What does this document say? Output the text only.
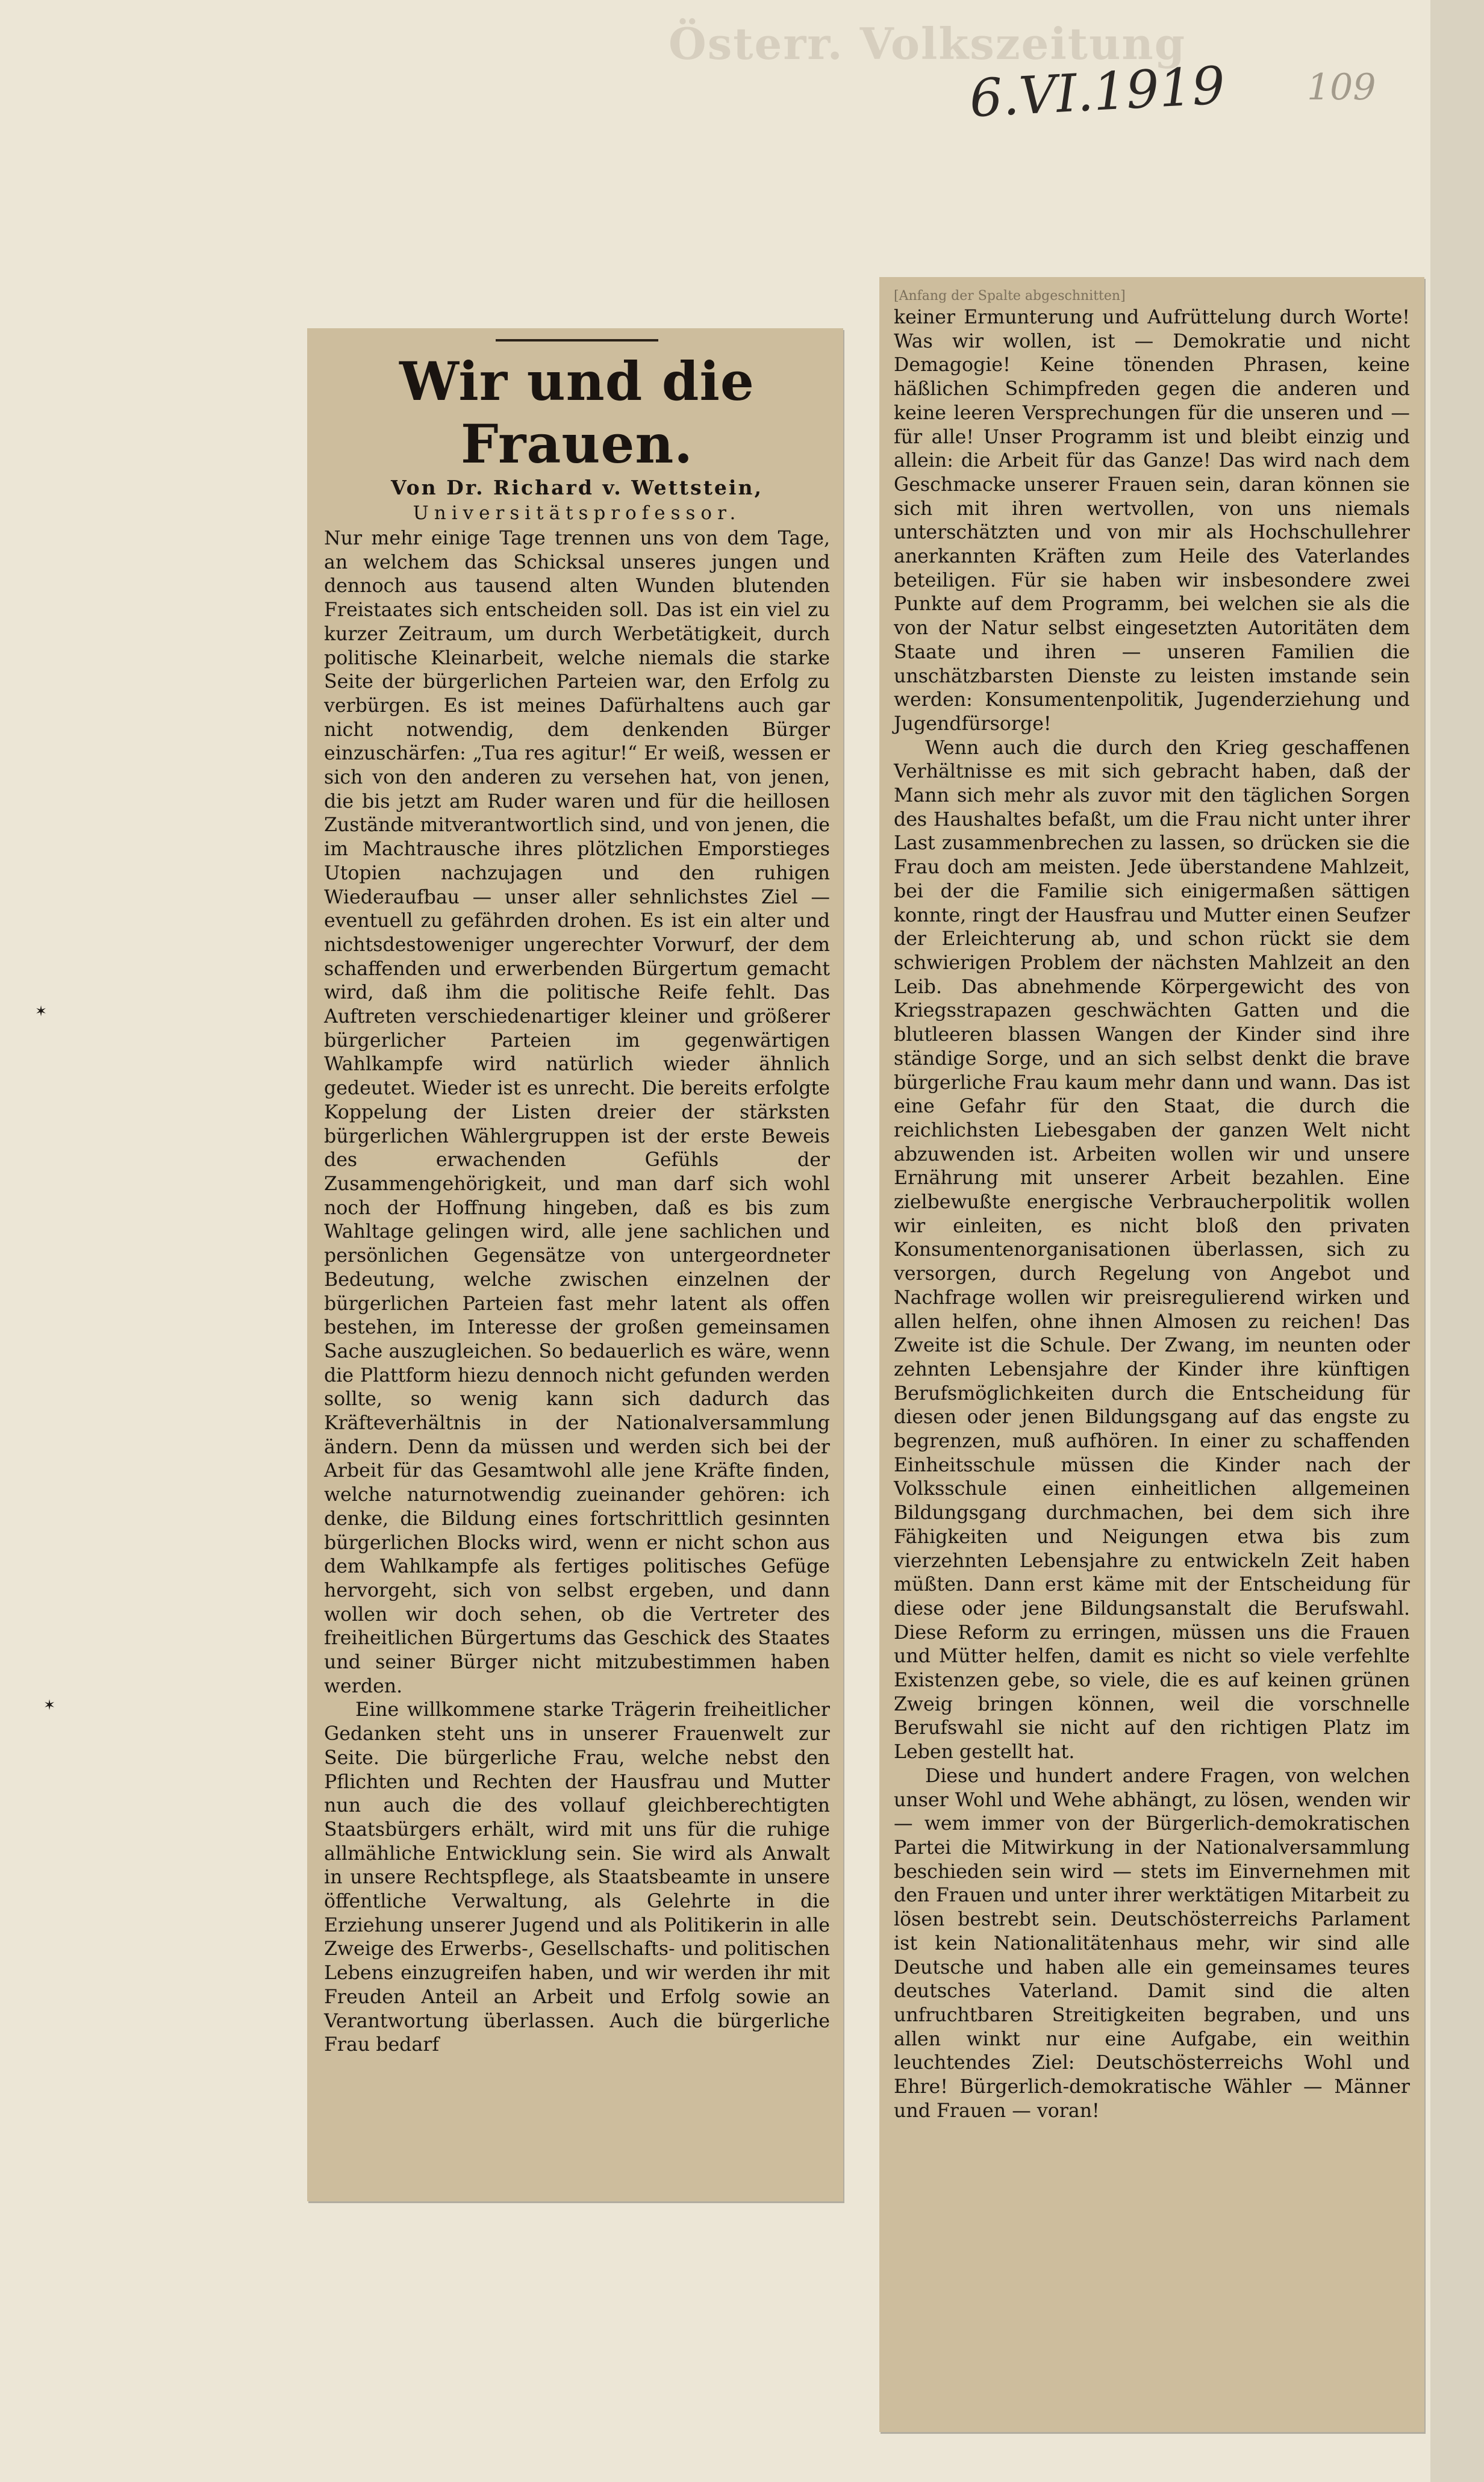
Österr. Volkszeitung
6.VI.1919 109
Wir und die Frauen.
Von Dr. Richard v. Wettstein,
Universitätsprofessor.

Nur mehr einige Tage trennen uns von dem Tage, an welchem das Schicksal unseres jungen und dennoch aus tausend alten Wunden blutenden Freistaates sich entscheiden soll. Das ist ein viel zu kurzer Zeitraum, um durch Werbetätigkeit, durch politische Kleinarbeit, welche niemals die starke Seite der bürgerlichen Parteien war, den Erfolg zu verbürgen. Es ist meines Dafürhaltens auch gar nicht notwendig, dem denkenden Bürger einzuschärfen: „Tua res agitur!“ Er weiß, wessen er sich von den anderen zu versehen hat, von jenen, die bis jetzt am Ruder waren und für die heillosen Zustände mitverantwortlich sind, und von jenen, die im Machtrausche ihres plötzlichen Emporstieges Utopien nachzujagen und den ruhigen Wiederaufbau — unser aller sehnlichstes Ziel — eventuell zu gefährden drohen. Es ist ein alter und nichtsdestoweniger ungerechter Vorwurf, der dem schaffenden und erwerbenden Bürgertum gemacht wird, daß ihm die politische Reife fehlt. Das Auftreten verschiedenartiger kleiner und größerer bürgerlicher Parteien im gegenwärtigen Wahlkampfe wird natürlich wieder ähnlich gedeutet. Wieder ist es unrecht. Die bereits erfolgte Koppelung der Listen dreier der stärksten bürgerlichen Wählergruppen ist der erste Beweis des erwachenden Gefühls der Zusammengehörigkeit, und man darf sich wohl noch der Hoffnung hingeben, daß es bis zum Wahltage gelingen wird, alle jene sachlichen und persönlichen Gegensätze von untergeordneter Bedeutung, welche zwischen einzelnen der bürgerlichen Parteien fast mehr latent als offen bestehen, im Interesse der großen gemeinsamen Sache auszugleichen. So bedauerlich es wäre, wenn die Plattform hiezu dennoch nicht gefunden werden sollte, so wenig kann sich dadurch das Kräfteverhältnis in der Nationalversammlung ändern. Denn da müssen und werden sich bei der Arbeit für das Gesamtwohl alle jene Kräfte finden, welche naturnotwendig zueinander gehören: ich denke, die Bildung eines fortschrittlich gesinnten bürgerlichen Blocks wird, wenn er nicht schon aus dem Wahlkampfe als fertiges politisches Gefüge hervorgeht, sich von selbst ergeben, und dann wollen wir doch sehen, ob die Vertreter des freiheitlichen Bürgertums das Geschick des Staates und seiner Bürger nicht mitzubestimmen haben werden.

Eine willkommene starke Trägerin freiheitlicher Gedanken steht uns in unserer Frauenwelt zur Seite. Die bürgerliche Frau, welche nebst den Pflichten und Rechten der Hausfrau und Mutter nun auch die des vollauf gleichberechtigten Staatsbürgers erhält, wird mit uns für die ruhige allmähliche Entwicklung sein. Sie wird als Anwalt in unsere Rechtspflege, als Staatsbeamte in unsere öffentliche Verwaltung, als Gelehrte in die Erziehung unserer Jugend und als Politikerin in alle Zweige des Erwerbs-, Gesellschafts- und politischen Lebens einzugreifen haben, und wir werden ihr mit Freuden Anteil an Arbeit und Erfolg sowie an Verantwortung überlassen. Auch die bürgerliche Frau bedarf

[Anfang der Spalte abgeschnitten]

keiner Ermunterung und Aufrüttelung durch Worte! Was wir wollen, ist — Demokratie und nicht Demagogie! Keine tönenden Phrasen, keine häßlichen Schimpfreden gegen die anderen und keine leeren Versprechungen für die unseren und — für alle! Unser Programm ist und bleibt einzig und allein: die Arbeit für das Ganze! Das wird nach dem Geschmacke unserer Frauen sein, daran können sie sich mit ihren wertvollen, von uns niemals unterschätzten und von mir als Hochschullehrer anerkannten Kräften zum Heile des Vaterlandes beteiligen. Für sie haben wir insbesondere zwei Punkte auf dem Programm, bei welchen sie als die von der Natur selbst eingesetzten Autoritäten dem Staate und ihren — unseren Familien die unschätzbarsten Dienste zu leisten imstande sein werden: Konsumentenpolitik, Jugenderziehung und Jugendfürsorge!

Wenn auch die durch den Krieg geschaffenen Verhältnisse es mit sich gebracht haben, daß der Mann sich mehr als zuvor mit den täglichen Sorgen des Haushaltes befaßt, um die Frau nicht unter ihrer Last zusammenbrechen zu lassen, so drücken sie die Frau doch am meisten. Jede überstandene Mahlzeit, bei der die Familie sich einigermaßen sättigen konnte, ringt der Hausfrau und Mutter einen Seufzer der Erleichterung ab, und schon rückt sie dem schwierigen Problem der nächsten Mahlzeit an den Leib. Das abnehmende Körpergewicht des von Kriegsstrapazen geschwächten Gatten und die blutleeren blassen Wangen der Kinder sind ihre ständige Sorge, und an sich selbst denkt die brave bürgerliche Frau kaum mehr dann und wann. Das ist eine Gefahr für den Staat, die durch die reichlichsten Liebesgaben der ganzen Welt nicht abzuwenden ist. Arbeiten wollen wir und unsere Ernährung mit unserer Arbeit bezahlen. Eine zielbewußte energische Verbraucherpolitik wollen wir einleiten, es nicht bloß den privaten Konsumentenorganisationen überlassen, sich zu versorgen, durch Regelung von Angebot und Nachfrage wollen wir preisregulierend wirken und allen helfen, ohne ihnen Almosen zu reichen! Das Zweite ist die Schule. Der Zwang, im neunten oder zehnten Lebensjahre der Kinder ihre künftigen Berufsmöglichkeiten durch die Entscheidung für diesen oder jenen Bildungsgang auf das engste zu begrenzen, muß aufhören. In einer zu schaffenden Einheitsschule müssen die Kinder nach der Volksschule einen einheitlichen allgemeinen Bildungsgang durchmachen, bei dem sich ihre Fähigkeiten und Neigungen etwa bis zum vierzehnten Lebensjahre zu entwickeln Zeit haben müßten. Dann erst käme mit der Entscheidung für diese oder jene Bildungsanstalt die Berufswahl. Diese Reform zu erringen, müssen uns die Frauen und Mütter helfen, damit es nicht so viele verfehlte Existenzen gebe, so viele, die es auf keinen grünen Zweig bringen können, weil die vorschnelle Berufswahl sie nicht auf den richtigen Platz im Leben gestellt hat.

Diese und hundert andere Fragen, von welchen unser Wohl und Wehe abhängt, zu lösen, wenden wir — wem immer von der Bürgerlich-demokratischen Partei die Mitwirkung in der Nationalversammlung beschieden sein wird — stets im Einvernehmen mit den Frauen und unter ihrer werktätigen Mitarbeit zu lösen bestrebt sein. Deutschösterreichs Parlament ist kein Nationalitätenhaus mehr, wir sind alle Deutsche und haben alle ein gemeinsames teures deutsches Vaterland. Damit sind die alten unfruchtbaren Streitigkeiten begraben, und uns allen winkt nur eine Aufgabe, ein weithin leuchtendes Ziel: Deutschösterreichs Wohl und Ehre! Bürgerlich-demokratische Wähler — Männer und Frauen — voran!

✶
✶
